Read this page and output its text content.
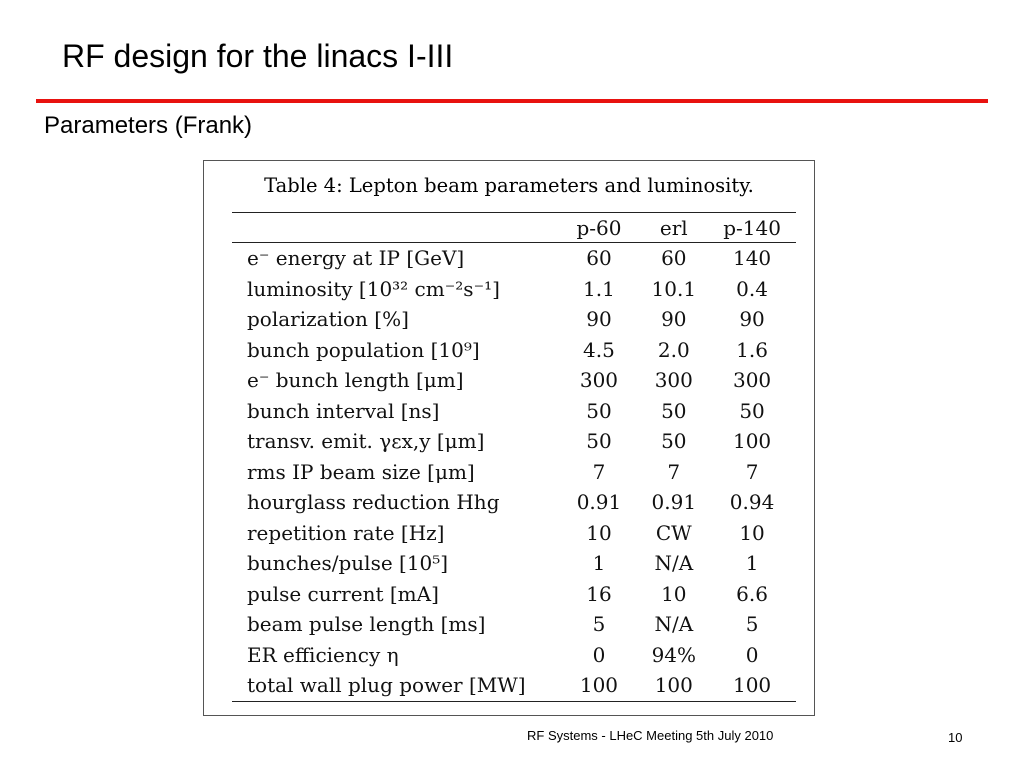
RF design for the linacs I-III
Parameters (Frank)
Table 4: Lepton beam parameters and luminosity.
	p-60	erl	p-140
e⁻ energy at IP [GeV]	60	60	140
luminosity [10³² cm⁻²s⁻¹]	1.1	10.1	0.4
polarization [%]	90	90	90
bunch population [10⁹]	4.5	2.0	1.6
e⁻ bunch length [μm]	300	300	300
bunch interval [ns]	50	50	50
transv. emit. γεx,y [μm]	50	50	100
rms IP beam size [μm]	7	7	7
hourglass reduction Hhg	0.91	0.91	0.94
repetition rate [Hz]	10	CW	10
bunches/pulse [10⁵]	1	N/A	1
pulse current [mA]	16	10	6.6
beam pulse length [ms]	5	N/A	5
ER efficiency η	0	94%	0
total wall plug power [MW]	100	100	100
RF Systems - LHeC Meeting 5th July 2010	10
